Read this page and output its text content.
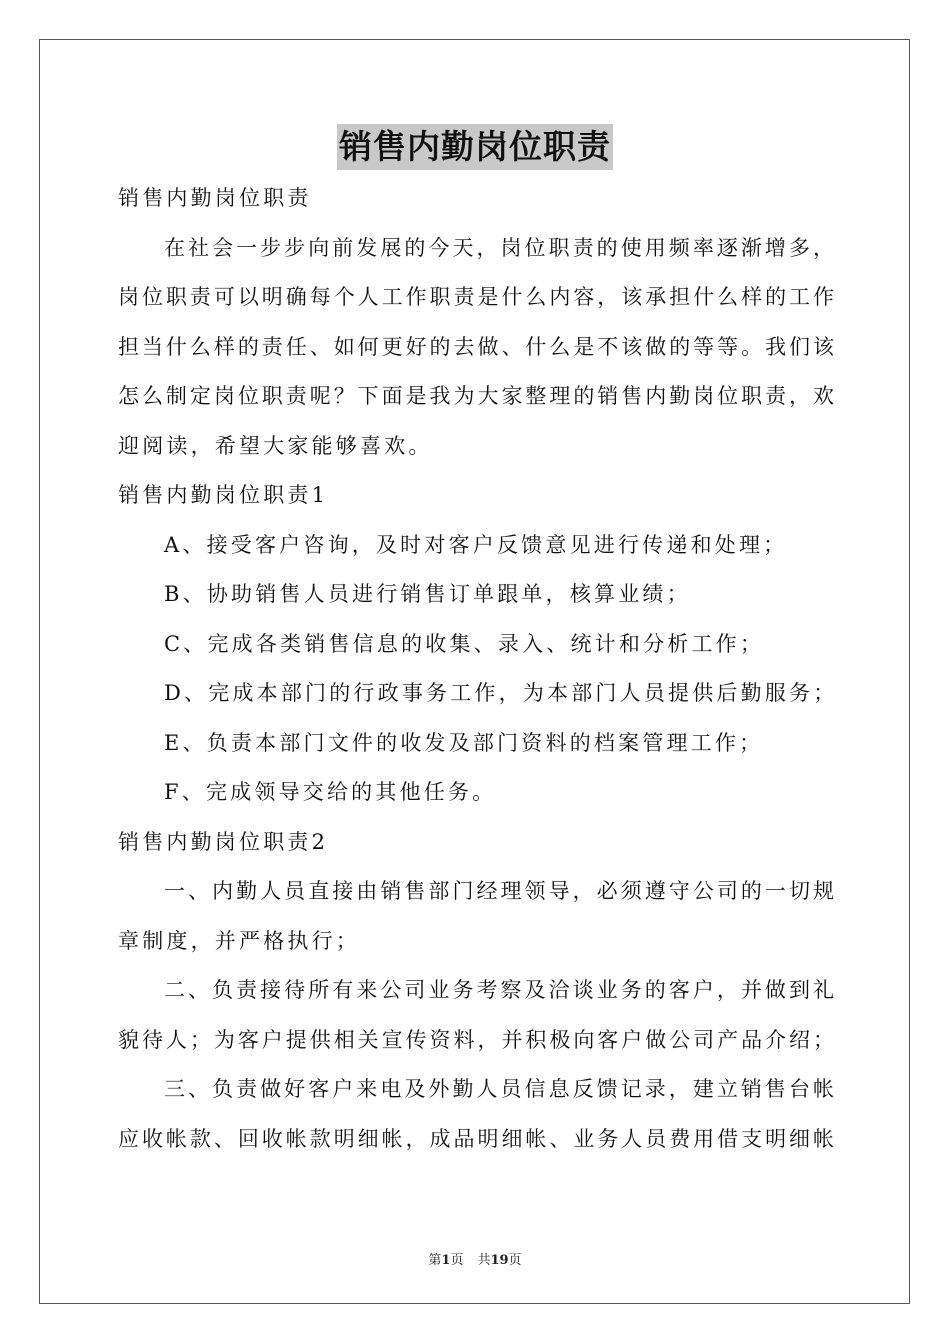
销售内勤岗位职责
销售内勤岗位职责
在社会一步步向前发展的今天，岗位职责的使用频率逐渐增多，
岗位职责可以明确每个人工作职责是什么内容，该承担什么样的工作
担当什么样的责任、如何更好的去做、什么是不该做的等等。我们该
怎么制定岗位职责呢？下面是我为大家整理的销售内勤岗位职责，欢
迎阅读，希望大家能够喜欢。
销售内勤岗位职责1
A、接受客户咨询，及时对客户反馈意见进行传递和处理；
B、协助销售人员进行销售订单跟单，核算业绩；
C、完成各类销售信息的收集、录入、统计和分析工作；
D、完成本部门的行政事务工作，为本部门人员提供后勤服务；
E、负责本部门文件的收发及部门资料的档案管理工作；
F、完成领导交给的其他任务。
销售内勤岗位职责2
一、内勤人员直接由销售部门经理领导，必须遵守公司的一切规
章制度，并严格执行；
二、负责接待所有来公司业务考察及洽谈业务的客户，并做到礼
貌待人；为客户提供相关宣传资料，并积极向客户做公司产品介绍；
三、负责做好客户来电及外勤人员信息反馈记录，建立销售台帐
应收帐款、回收帐款明细帐，成品明细帐、业务人员费用借支明细帐
第1页 共19页
